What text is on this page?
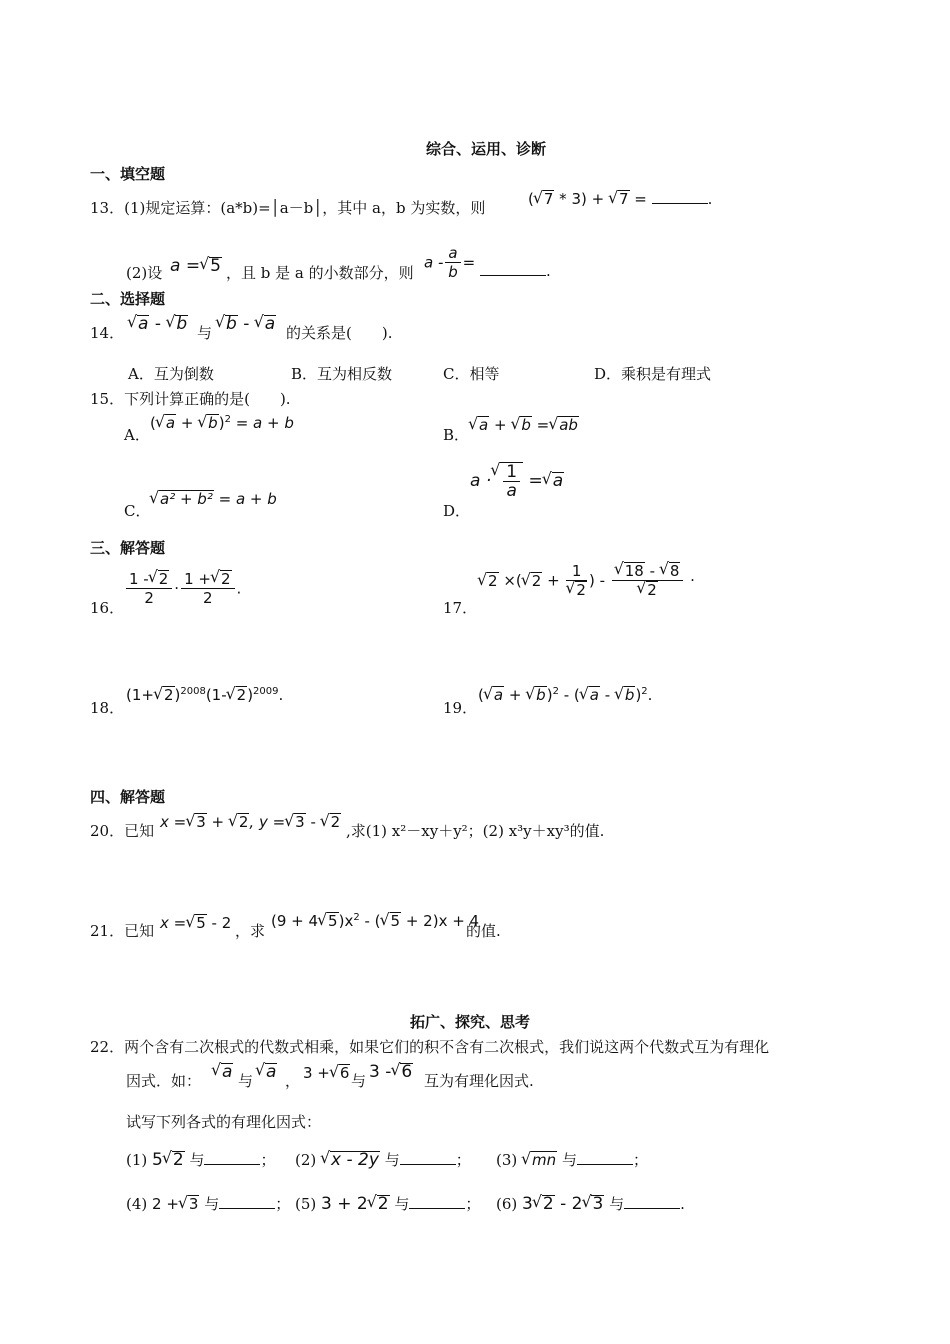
综合、运用、诊断
一、填空题
13．(1)规定运算：(a*b)=│a－b│，其中 a，b 为实数，则	( √ 7 * 3) + √ 7 =	.
(2)设 a = √ 5 ，且 b 是 a 的小数部分，则
a - $\frac{a}{b}$ =	.
二、选择题
14． √ a - √ b 与 √ b - √ a 的关系是(　　).
A．互为倒数	B．互为相反数	C．相等	D．乘积是有理式
15．下列计算正确的是(　　).
A．
( √ a + √ b)$^2$ = a + b
B．
√ a + √ b = √ ab
C．
√ a² + b² = a + b
D．
a · √ $\frac{1}{a}$ = √ a
三、解答题
16．
$\frac{1 - √ 2}{2} \cdot \frac{1 + √ 2}{2}$ .
17．
√ 2 ×( √ 2 + 1
√ 2 ) - √ 18 - √ 8
√ 2 ·
18．
(1+ √ 2)$^{2008}$(1- √ 2)$^{2009}$.
19．
( √ a + √ b)$^2$ - ( √ a - √ b)$^2$.
四、解答题
20．已知 x = √ 3 + √ 2, y = √ 3 - √ 2 ,求(1) x²－xy＋y²；(2) x³y＋xy³的值.
21．已知 x = √ 5 - 2 ，求
(9 + 4 √ $5)x^2$ - ( √ 5 + 2)x + 4
的值.
拓广、探究、思考
22．两个含有二次根式的代数式相乘，如果它们的积不含有二次根式，我们说这两个代数式互为有理化
因式．如：	√ a 与 √ a ， 3 + √ 6 与 3 - √ 6 互为有理化因式.
试写下列各式的有理化因式：
(1) 5 √ 2 与	； (2) √ x - 2y 与	； (3) √ mn 与	；
(4) 2 + √ 3 与	； (5) 3 + 2 √ 2 与	； (6) 3 √ 2 - 2 √ 3 与	.
